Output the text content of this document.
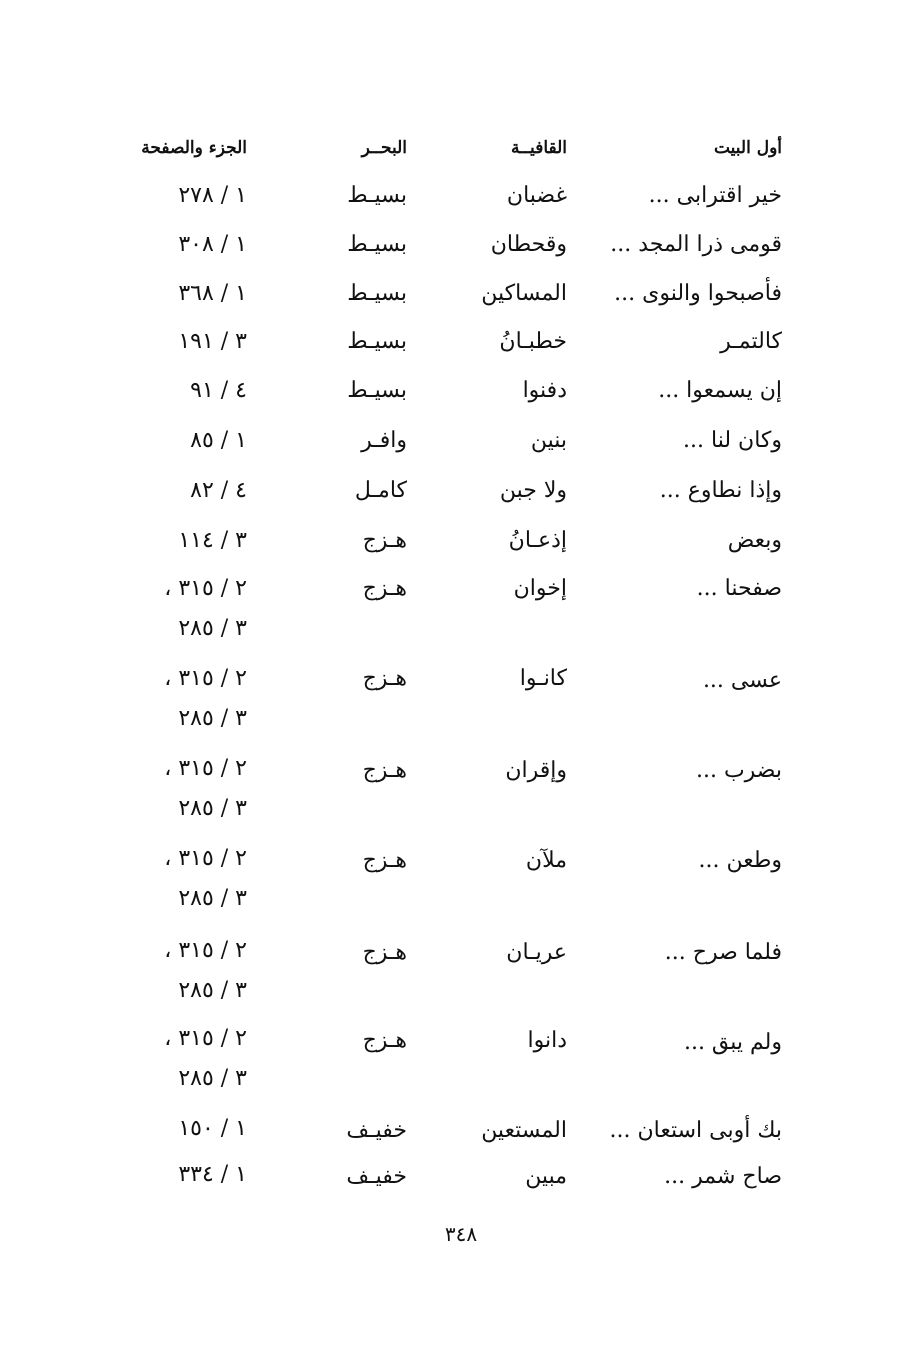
أول البيت
القافيــة
البحــر
الجزء والصفحة
خير اقترابى ...
غضبان
بسيـط
١ / ٢٧٨
قومى ذرا المجد ...
وقحطان
بسيـط
١ / ٣٠٨
فأصبحوا والنوى ...
المساكين
بسيـط
١ / ٣٦٨
كالتمـر
خطبـانُ
بسيـط
٣ / ١٩١
إن يسمعوا ...
دفنوا
بسيـط
٤ / ٩١
وكان لنا ...
بنين
وافـر
١ / ٨٥
وإذا نطاوع ...
ولا جبن
كامـل
٤ / ٨٢
وبعض
إذعـانُ
هـزج
٣ / ١١٤
صفحنا ...
إخوان
هـزج
٢ / ٣١٥ ،
٣ / ٢٨٥
عسى ...
كانـوا
هـزج
٢ / ٣١٥ ،
٣ / ٢٨٥
بضرب ...
وإقران
هـزج
٢ / ٣١٥ ،
٣ / ٢٨٥
وطعن ...
ملآن
هـزج
٢ / ٣١٥ ،
٣ / ٢٨٥
فلما صرح ...
عريـان
هـزج
٢ / ٣١٥ ،
٣ / ٢٨٥
ولم يبق ...
دانوا
هـزج
٢ / ٣١٥ ،
٣ / ٢٨٥
بك أوبى استعان ...
المستعين
خفيـف
١ / ١٥٠
صاح شمر ...
مبين
خفيـف
١ / ٣٣٤
٣٤٨
